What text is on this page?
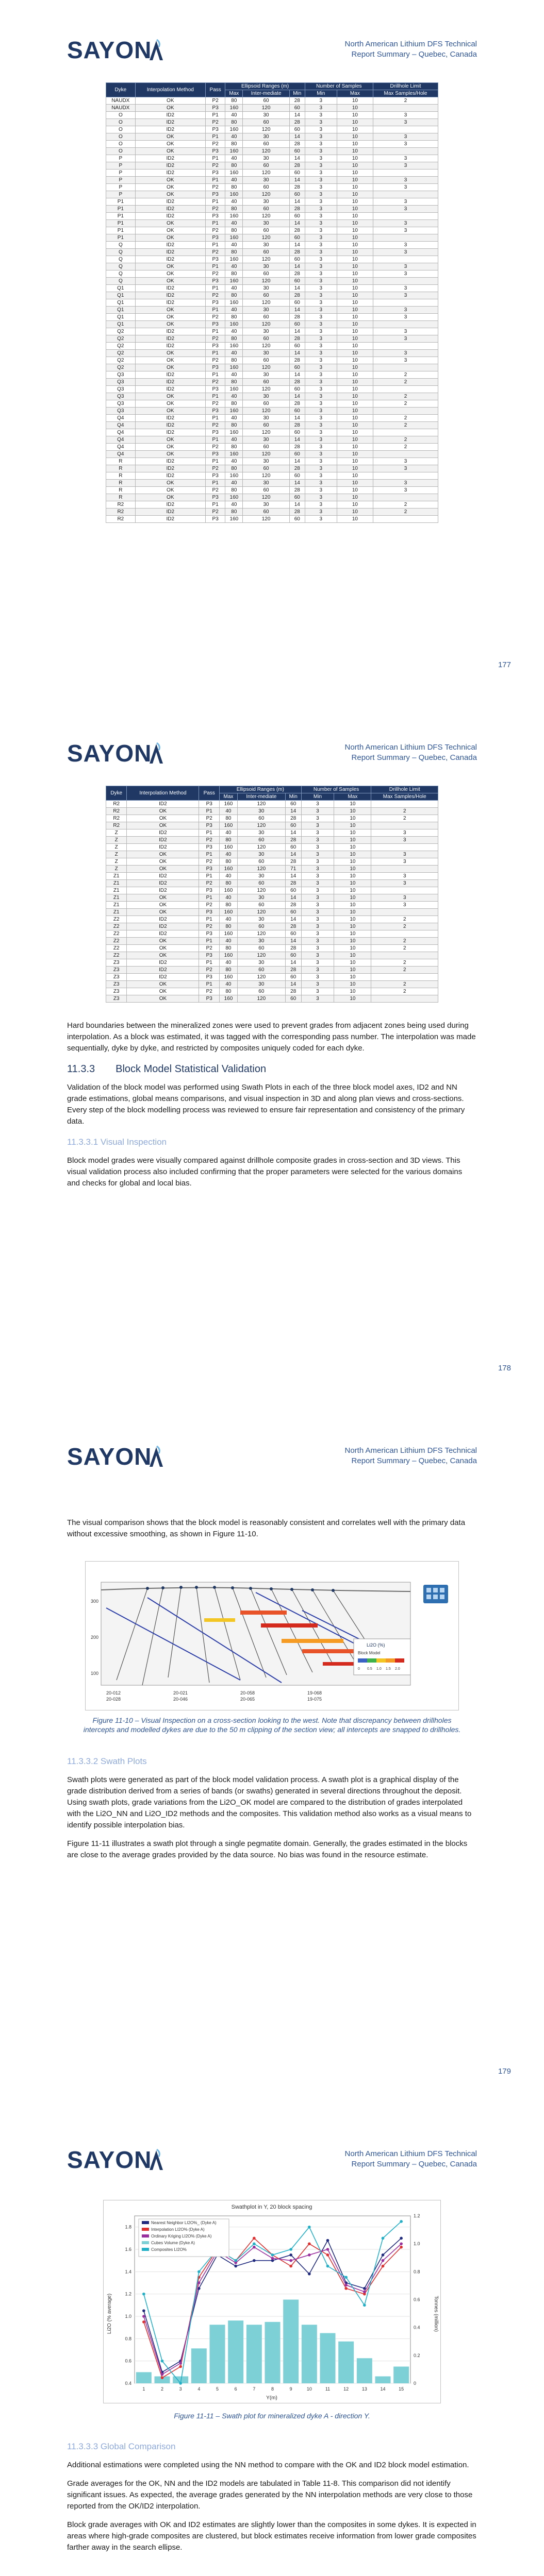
SAYON	North American Lithium DFS Technical
Report Summary – Quebec, Canada
Dyke	Interpolation Method	Pass	Ellipsoid Ranges (m)			Number of Samples		Drillhole Limit
			Max	Inter-mediate	Min	Min	Max	Max Samples/Hole
NAUDX	OK	P2	80	60	28	3	10	2
NAUDX	OK	P3	160	120	60	3	10	
O	ID2	P1	40	30	14	3	10	3
O	ID2	P2	80	60	28	3	10	3
O	ID2	P3	160	120	60	3	10	
O	OK	P1	40	30	14	3	10	3
O	OK	P2	80	60	28	3	10	3
O	OK	P3	160	120	60	3	10	
P	ID2	P1	40	30	14	3	10	3
P	ID2	P2	80	60	28	3	10	3
P	ID2	P3	160	120	60	3	10	
P	OK	P1	40	30	14	3	10	3
P	OK	P2	80	60	28	3	10	3
P	OK	P3	160	120	60	3	10	
P1	ID2	P1	40	30	14	3	10	3
P1	ID2	P2	80	60	28	3	10	3
P1	ID2	P3	160	120	60	3	10	
P1	OK	P1	40	30	14	3	10	3
P1	OK	P2	80	60	28	3	10	3
P1	OK	P3	160	120	60	3	10	
Q	ID2	P1	40	30	14	3	10	3
Q	ID2	P2	80	60	28	3	10	3
Q	ID2	P3	160	120	60	3	10	
Q	OK	P1	40	30	14	3	10	3
Q	OK	P2	80	60	28	3	10	3
Q	OK	P3	160	120	60	3	10	
Q1	ID2	P1	40	30	14	3	10	3
Q1	ID2	P2	80	60	28	3	10	3
Q1	ID2	P3	160	120	60	3	10	
Q1	OK	P1	40	30	14	3	10	3
Q1	OK	P2	80	60	28	3	10	3
Q1	OK	P3	160	120	60	3	10	
Q2	ID2	P1	40	30	14	3	10	3
Q2	ID2	P2	80	60	28	3	10	3
Q2	ID2	P3	160	120	60	3	10	
Q2	OK	P1	40	30	14	3	10	3
Q2	OK	P2	80	60	28	3	10	3
Q2	OK	P3	160	120	60	3	10	
Q3	ID2	P1	40	30	14	3	10	2
Q3	ID2	P2	80	60	28	3	10	2
Q3	ID2	P3	160	120	60	3	10	
Q3	OK	P1	40	30	14	3	10	2
Q3	OK	P2	80	60	28	3	10	2
Q3	OK	P3	160	120	60	3	10	
Q4	ID2	P1	40	30	14	3	10	2
Q4	ID2	P2	80	60	28	3	10	2
Q4	ID2	P3	160	120	60	3	10	
Q4	OK	P1	40	30	14	3	10	2
Q4	OK	P2	80	60	28	3	10	2
Q4	OK	P3	160	120	60	3	10	
R	ID2	P1	40	30	14	3	10	3
R	ID2	P2	80	60	28	3	10	3
R	ID2	P3	160	120	60	3	10	
R	OK	P1	40	30	14	3	10	3
R	OK	P2	80	60	28	3	10	3
R	OK	P3	160	120	60	3	10	
R2	ID2	P1	40	30	14	3	10	2
R2	ID2	P2	80	60	28	3	10	2
R2	ID2	P3	160	120	60	3	10	
177
SAYON	North American Lithium DFS Technical
Report Summary – Quebec, Canada
Dyke	Interpolation Method	Pass	Ellipsoid Ranges (m)			Number of Samples		Drillhole Limit
			Max	Inter-mediate	Min	Min	Max	Max Samples/Hole
R2	ID2	P3	160	120	60	3	10	
R2	OK	P1	40	30	14	3	10	2
R2	OK	P2	80	60	28	3	10	2
R2	OK	P3	160	120	60	3	10	
Z	ID2	P1	40	30	14	3	10	3
Z	ID2	P2	80	60	28	3	10	3
Z	ID2	P3	160	120	60	3	10	
Z	OK	P1	40	30	14	3	10	3
Z	OK	P2	80	60	28	3	10	3
Z	OK	P3	160	120	71	3	10	
Z1	ID2	P1	40	30	14	3	10	3
Z1	ID2	P2	80	60	28	3	10	3
Z1	ID2	P3	160	120	60	3	10	
Z1	OK	P1	40	30	14	3	10	3
Z1	OK	P2	80	60	28	3	10	3
Z1	OK	P3	160	120	60	3	10	
Z2	ID2	P1	40	30	14	3	10	2
Z2	ID2	P2	80	60	28	3	10	2
Z2	ID2	P3	160	120	60	3	10	
Z2	OK	P1	40	30	14	3	10	2
Z2	OK	P2	80	60	28	3	10	2
Z2	OK	P3	160	120	60	3	10	
Z3	ID2	P1	40	30	14	3	10	2
Z3	ID2	P2	80	60	28	3	10	2
Z3	ID2	P3	160	120	60	3	10	
Z3	OK	P1	40	30	14	3	10	2
Z3	OK	P2	80	60	28	3	10	2
Z3	OK	P3	160	120	60	3	10	

Hard boundaries between the mineralized zones were used to prevent grades from adjacent zones being used during interpolation. As a block was estimated, it was tagged with the corresponding pass number. The interpolation was made sequentially, dyke by dyke, and restricted by composites uniquely coded for each dyke.

11.3.3 Block Model Statistical Validation

Validation of the block model was performed using Swath Plots in each of the three block model axes, ID2 and NN grade estimations, global means comparisons, and visual inspection in 3D and along plan views and cross-sections. Every step of the block modelling process was reviewed to ensure fair representation and consistency of the primary data.

11.3.3.1 Visual Inspection

Block model grades were visually compared against drillhole composite grades in cross-section and 3D views. This visual validation process also included confirming that the proper parameters were selected for the various domains and checks for global and local bias.

178
SAYON	North American Lithium DFS Technical
Report Summary – Quebec, Canada

The visual comparison shows that the block model is reasonably consistent and correlates well with the primary data without excessive smoothing, as shown in Figure 11-10.

300
200
100
20-012
20-028
20-021
20-046
20-058
20-065
19-068
19-075
Li2O (%)
Block Model
0 0.5 1.0 1.5 2.0
Figure 11-10 – Visual Inspection on a cross-section looking to the west. Note that discrepancy between drillholes intercepts and modelled dykes are due to the 50 m clipping of the section view; all intercepts are snapped to drillholes.
11.3.3.2 Swath Plots

Swath plots were generated as part of the block model validation process. A swath plot is a graphical display of the grade distribution derived from a series of bands (or swaths) generated in several directions throughout the deposit. Using swath plots, grade variations from the Li2O_OK model are compared to the distribution of grades interpolated with the Li2O_NN and Li2O_ID2 methods and the composites. This validation method also works as a visual means to identify possible interpolation bias.

Figure 11-11 illustrates a swath plot through a single pegmatite domain. Generally, the grades estimated in the blocks are close to the average grades provided by the data source. No bias was found in the resource estimate.

179
SAYON	North American Lithium DFS Technical
Report Summary – Quebec, Canada
Swathplot in Y, 20 block spacing
0.4
0.6
0.8
1.0
1.2
1.4
1.6
1.8
0
0.2
0.4
0.6
0.8
1.0
1.2
1	2	3	4	5	6	7	8	9	10	11	12	13	14	15
Nearest Neighbor LI2O%_ (Dyke A)
Interpolation LI2O% (Dyke A)
Ordinary Kriging LI2O% (Dyke A)
Cubes Volume (Dyke A)
Composites LI2O%
Li2O (% average)	Tonnes (million)
Y(m)
Figure 11-11 – Swath plot for mineralized dyke A - direction Y.
11.3.3.3 Global Comparison

Additional estimations were completed using the NN method to compare with the OK and ID2 block model estimation.

Grade averages for the OK, NN and the ID2 models are tabulated in Table 11-8. This comparison did not identify significant issues. As expected, the average grades generated by the NN interpolation methods are very close to those reported from the OK/ID2 interpolation.

Block grade averages with OK and ID2 estimates are slightly lower than the composites in some dykes. It is expected in areas where high-grade composites are clustered, but block estimates receive information from lower grade composites farther away in the search ellipse.
